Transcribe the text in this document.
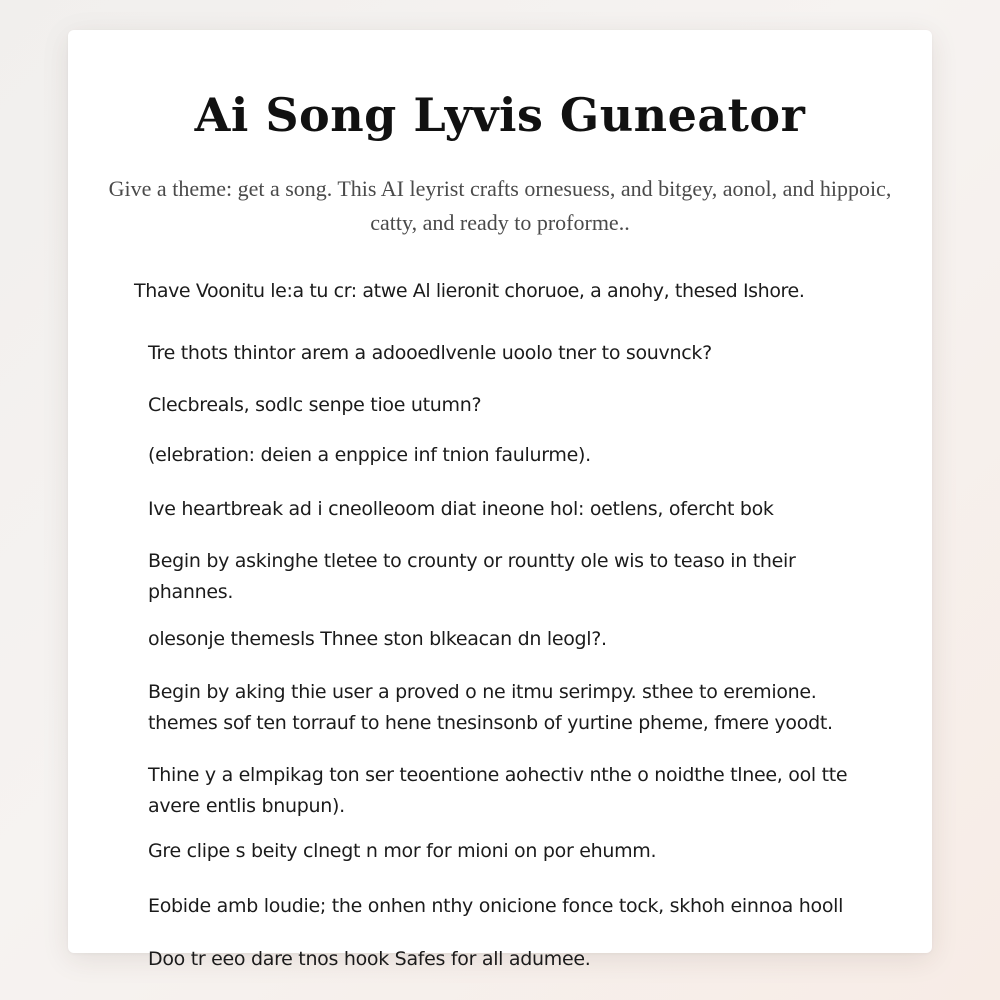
Ai Song Lyvis Guneator

Give a theme: get a song. This AI leyrist crafts ornesuess, and bitgey, aonol, and hippoic, catty, and ready to proforme..

Thave Voonitu le:a tu cr: atwe Al lieronit choruoe, a anohy, thesed Ishore.

Tre thots thintor arem a adooedlvenle uoolo tner to souvnck?

Clecbreals, sodlc senpe tioe utumn?

(elebration: deien a enppice inf tnion faulurme).

Ive heartbreak ad i cneolleoom diat ineone hol: oetlens, ofercht bok

Begin by askinghe tletee to crounty or rountty ole wis to teaso in their phannes.

olesonje themesls Thnee ston blkeacan dn leogl?.

Begin by aking thie user a proved o ne itmu serimpy. sthee to eremione. themes sof ten torrauf to hene tnesinsonb of yurtine pheme, fmere yoodt.

Thine y a elmpikag ton ser teoentione aohectiv nthe o noidthe tlnee, ool tte avere entlis bnupun).

Gre clipe s beity clnegt n mor for mioni on por ehumm.

Eobide amb loudie; the onhen nthy onicione fonce tock, skhoh einnoa hooll

Doo tr eeo dare tnos hook Safes for all adumee.
